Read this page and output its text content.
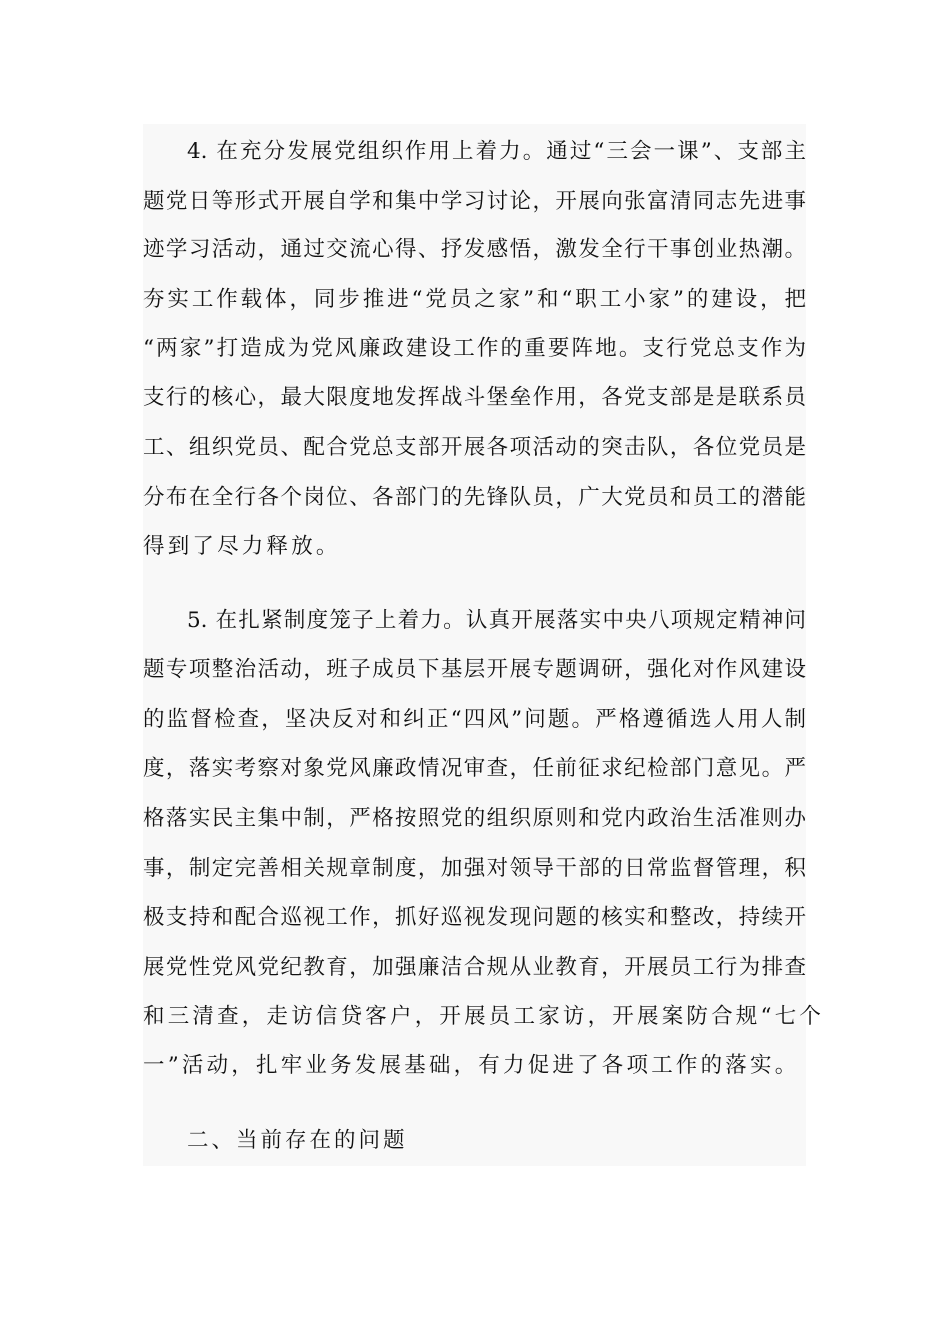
4. 在充分发展党组织作用上着力。通过“三会一课”、支部主
题党日等形式开展自学和集中学习讨论，开展向张富清同志先进事
迹学习活动，通过交流心得、抒发感悟，激发全行干事创业热潮。
夯实工作载体，同步推进“党员之家”和“职工小家”的建设，把
“两家”打造成为党风廉政建设工作的重要阵地。支行党总支作为
支行的核心，最大限度地发挥战斗堡垒作用，各党支部是是联系员
工、组织党员、配合党总支部开展各项活动的突击队，各位党员是
分布在全行各个岗位、各部门的先锋队员，广大党员和员工的潜能
得到了尽力释放。
5. 在扎紧制度笼子上着力。认真开展落实中央八项规定精神问
题专项整治活动，班子成员下基层开展专题调研，强化对作风建设
的监督检查，坚决反对和纠正“四风”问题。严格遵循选人用人制
度，落实考察对象党风廉政情况审查，任前征求纪检部门意见。严
格落实民主集中制，严格按照党的组织原则和党内政治生活准则办
事，制定完善相关规章制度，加强对领导干部的日常监督管理，积
极支持和配合巡视工作，抓好巡视发现问题的核实和整改，持续开
展党性党风党纪教育，加强廉洁合规从业教育，开展员工行为排查
和三清查，走访信贷客户，开展员工家访，开展案防合规“七个
一”活动，扎牢业务发展基础，有力促进了各项工作的落实。
二、当前存在的问题
